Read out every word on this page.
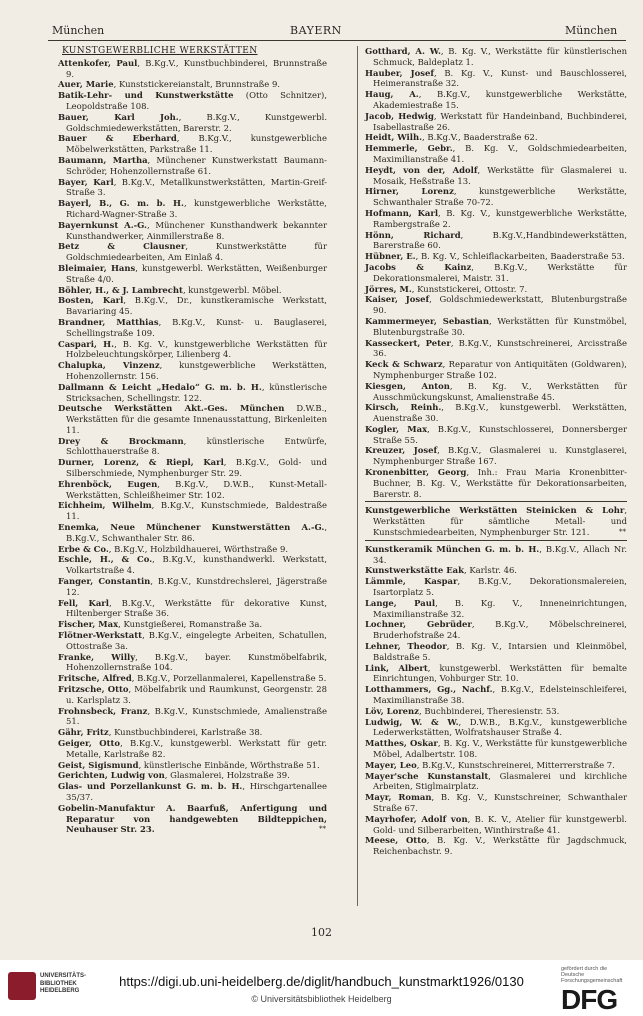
München	BAYERN	München
KUNSTGEWERBLICHE WERKSTÄTTEN
Attenkofer, Paul, B.Kg.V., Kunstbuchbinderei, Brunnstraße 9.
Auer, Marie, Kunststickereianstalt, Brunnstraße 9.
Batik-Lehr- und Kunstwerkstätte (Otto Schnitzer), Leopoldstraße 108.
Bauer, Karl Joh., B.Kg.V., Kunstgewerbl. Goldschmiedewerkstätten, Barerstr. 2.
Bauer & Eberhard, B.Kg.V., kunstgewerbliche Möbelwerkstätten, Parkstraße 11.
Baumann, Martha, Münchener Kunstwerkstatt Baumann-Schröder, Hohenzollernstraße 61.
Bayer, Karl, B.Kg.V., Metallkunstwerkstätten, Martin-Greif-Straße 3.
Bayerl, B., G. m. b. H., kunstgewerbliche Werkstätte, Richard-Wagner-Straße 3.
Bayernkunst A.-G., Münchener Kunsthandwerk bekannter Kunsthandwerker, Ainmillerstraße 8.
Betz & Clausner, Kunstwerkstätte für Goldschmiedearbeiten, Am Einlaß 4.
Bleimaier, Hans, kunstgewerbl. Werkstätten, Weißenburger Straße 4/0.
Böhler, H., & J. Lambrecht, kunstgewerbl. Möbel.
Bosten, Karl, B.Kg.V., Dr., kunstkeramische Werkstatt, Bavariaring 45.
Brandner, Matthias, B.Kg.V., Kunst- u. Bauglaserei, Schellingstraße 109.
Caspari, H., B. Kg. V., kunstgewerbliche Werkstätten für Holzbeleuchtungskörper, Lilienberg 4.
Chalupka, Vinzenz, kunstgewerbliche Werkstätten, Hohenzollernstr. 156.
Dallmann & Leicht „Hedalo“ G. m. b. H., künstlerische Stricksachen, Schellingstr. 122.
Deutsche Werkstätten Akt.-Ges. München D.W.B., Werkstätten für die gesamte Innenausstattung, Birkenleiten 11.
Drey & Brockmann, künstlerische Entwürfe, Schlotthauerstraße 8.
Durner, Lorenz, & Riepl, Karl, B.Kg.V., Gold- und Silberschmiede, Nymphenburger Str. 29.
Ehrenböck, Eugen, B.Kg.V., D.W.B., Kunst-Metall-Werkstätten, Schleißheimer Str. 102.
Eichheim, Wilhelm, B.Kg.V., Kunstschmiede, Baldestraße 11.
Enemka, Neue Münchener Kunstwerstätten A.-G., B.Kg.V., Schwanthaler Str. 86.
Erbe & Co., B.Kg.V., Holzbildhauerei, Wörthstraße 9.
Eschle, H., & Co., B.Kg.V., kunsthandwerkl. Werkstatt, Volkartstraße 4.
Fanger, Constantin, B.Kg.V., Kunstdrechslerei, Jägerstraße 12.
Fell, Karl, B.Kg.V., Werkstätte für dekorative Kunst, Hiltenberger Straße 36.
Fischer, Max, Kunstgießerei, Romanstraße 3a.
Flötner-Werkstatt, B.Kg.V., eingelegte Arbeiten, Schatullen, Ottostraße 3a.
Franke, Willy, B.Kg.V., bayer. Kunstmöbelfabrik, Hohenzollernstraße 104.
Fritsche, Alfred, B.Kg.V., Porzellanmalerei, Kapellenstraße 5.
Fritzsche, Otto, Möbelfabrik und Raumkunst, Georgenstr. 28 u. Karlsplatz 3.
Frohnsbeck, Franz, B.Kg.V., Kunstschmiede, Amalienstraße 51.
Gähr, Fritz, Kunstbuchbinderei, Karlstraße 38.
Geiger, Otto, B.Kg.V., kunstgewerbl. Werkstatt für getr. Metalle, Karlstraße 82.
Geist, Sigismund, künstlerische Einbände, Wörthstraße 51.
Gerichten, Ludwig von, Glasmalerei, Holzstraße 39.
Glas- und Porzellankunst G. m. b. H., Hirschgartenallee 35/37.
Gobelin-Manufaktur A. Baarfuß, Anfertigung und Reparatur von handgewebten Bildteppichen, Neuhauser Str. 23.	**
Gotthard, A. W., B. Kg. V., Werkstätte für künstlerischen Schmuck, Baldeplatz 1.
Hauber, Josef, B. Kg. V., Kunst- und Bauschlosserei, Heimeranstraße 32.
Haug, A., B.Kg.V., kunstgewerbliche Werkstätte, Akademiestraße 15.
Jacob, Hedwig, Werkstatt für Handeinband, Buchbinderei, Isabellastraße 26.
Heidt, Wilh., B.Kg.V., Baaderstraße 62.
Hemmerle, Gebr., B. Kg. V., Goldschmiedearbeiten, Maximilianstraße 41.
Heydt, von der, Adolf, Werkstätte für Glasmalerei u. Mosaik, Heßstraße 13.
Hirner, Lorenz, kunstgewerbliche Werkstätte, Schwanthaler Straße 70-72.
Hofmann, Karl, B. Kg. V., kunstgewerbliche Werkstätte, Rambergstraße 2.
Hönn, Richard, B.Kg.V.,Handbindewerkstätten, Barerstraße 60.
Hübner, E., B. Kg. V., Schleiflackarbeiten, Baaderstraße 53.
Jacobs & Kainz, B.Kg.V., Werkstätte für Dekorationsmalerei, Maistr. 31.
Jörres, M., Kunststickerei, Ottostr. 7.
Kaiser, Josef, Goldschmiedewerkstatt, Blutenburgstraße 90.
Kammermeyer, Sebastian, Werkstätten für Kunstmöbel, Blutenburgstraße 30.
Kasseckert, Peter, B.Kg.V., Kunstschreinerei, Arcisstraße 36.
Keck & Schwarz, Reparatur von Antiquitäten (Goldwaren), Nymphenburger Straße 102.
Kiesgen, Anton, B. Kg. V., Werkstätten für Ausschmückungskunst, Amalienstraße 45.
Kirsch, Reinh., B.Kg.V., kunstgewerbl. Werkstätten, Auenstraße 30.
Kogler, Max, B.Kg.V., Kunstschlosserei, Donnersberger Straße 55.
Kreuzer, Josef, B.Kg.V., Glasmalerei u. Kunstglaserei, Nymphenburger Straße 167.
Kronenbitter, Georg, Inh.: Frau Maria Kronenbitter-Buchner, B. Kg. V., Werkstätte für Dekorationsarbeiten, Barerstr. 8.
Kunstgewerbliche Werkstätten Steinicken & Lohr, Werkstätten für sämtliche Metall- und Kunstschmiedearbeiten, Nymphenburger Str. 121.	**
Kunstkeramik München G. m. b. H., B.Kg.V., Allach Nr. 34.
Kunstwerkstätte Eak, Karlstr. 46.
Lämmle, Kaspar, B.Kg.V., Dekorationsmalereien, Isartorplatz 5.
Lange, Paul, B. Kg. V., Inneneinrichtungen, Maximilianstraße 32.
Lochner, Gebrüder, B.Kg.V., Möbelschreinerei, Bruderhofstraße 24.
Lehner, Theodor, B. Kg. V., Intarsien und Kleinmöbel, Baldstraße 5.
Link, Albert, kunstgewerbl. Werkstätten für bemalte Einrichtungen, Vohburger Str. 10.
Lotthammers, Gg., Nachf., B.Kg.V., Edelsteinschleiferei, Maximilianstraße 38.
Löv, Lorenz, Buchbinderei, Theresienstr. 53.
Ludwig, W. & W., D.W.B., B.Kg.V., kunstgewerbliche Lederwerkstätten, Wolfratshauser Straße 4.
Matthes, Oskar, B. Kg. V., Werkstätte für kunstgewerbliche Möbel, Adalbertstr. 108.
Mayer, Leo, B.Kg.V., Kunstschreinerei, Mitterrerstraße 7.
Mayer'sche Kunstanstalt, Glasmalerei und kirchliche Arbeiten, Stiglmairplatz.
Mayr, Roman, B. Kg. V., Kunstschreiner, Schwanthaler Straße 67.
Mayrhofer, Adolf von, B. K. V., Atelier für kunstgewerbl. Gold- und Silberarbeiten, Winthirstraße 41.
Meese, Otto, B. Kg. V., Werkstätte für Jagdschmuck, Reichenbachstr. 9.
102
UNIVERSITÄTS-
BIBLIOTHEK
HEIDELBERG
https://digi.ub.uni-heidelberg.de/diglit/handbuch_kunstmarkt1926/0130
© Universitätsbibliothek Heidelberg
gefördert durch die
Deutsche Forschungsgemeinschaft
DFG
